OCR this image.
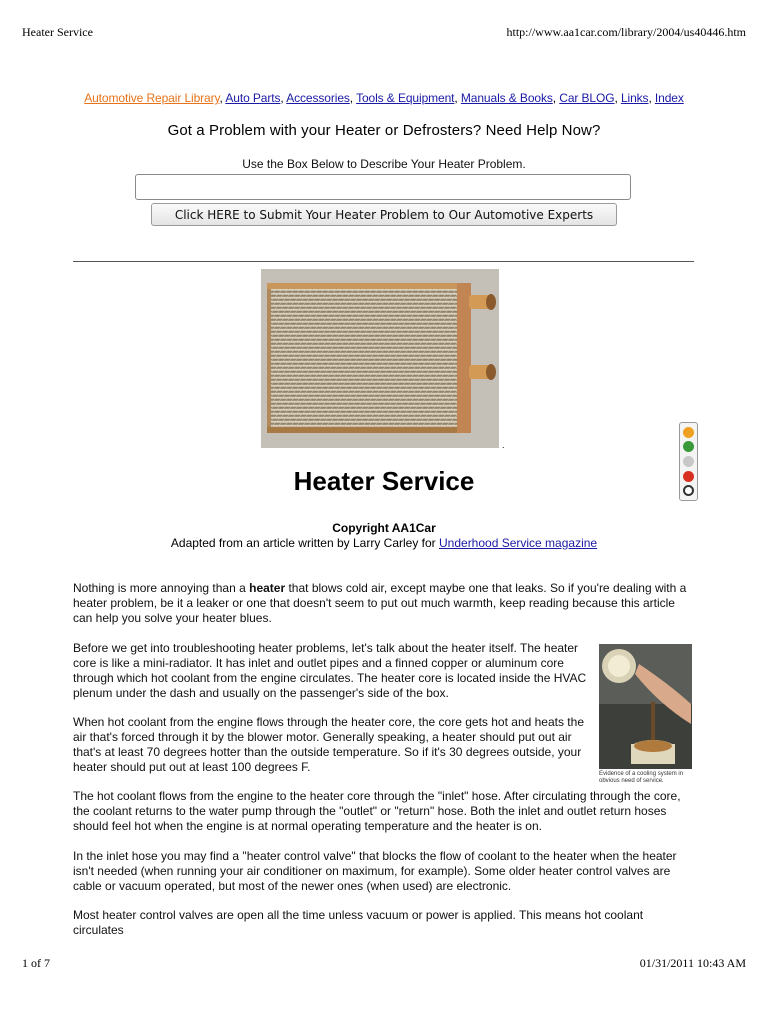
Heater Service	http://www.aa1car.com/library/2004/us40446.htm
Automotive Repair Library, Auto Parts, Accessories, Tools & Equipment, Manuals & Books, Car BLOG, Links, Index
Got a Problem with your Heater or Defrosters? Need Help Now?
Use the Box Below to Describe Your Heater Problem.
Click HERE to Submit Your Heater Problem to Our Automotive Experts
.
Heater Service
Copyright AA1Car
Adapted from an article written by Larry Carley for Underhood Service magazine

Nothing is more annoying than a heater that blows cold air, except maybe one that leaks. So if you're dealing with a heater problem, be it a leaker or one that doesn't seem to put out much warmth, keep reading because this article can help you solve your heater blues.

Before we get into troubleshooting heater problems, let's talk about the heater itself. The heater core is like a mini-radiator. It has inlet and outlet pipes and a finned copper or aluminum core through which hot coolant from the engine circulates. The heater core is located inside the HVAC plenum under the dash and usually on the passenger's side of the box.

When hot coolant from the engine flows through the heater core, the core gets hot and heats the air that's forced through it by the blower motor. Generally speaking, a heater should put out air that's at least 70 degrees hotter than the outside temperature. So if it's 30 degrees outside, your heater should put out at least 100 degrees F.

The hot coolant flows from the engine to the heater core through the "inlet" hose. After circulating through the core, the coolant returns to the water pump through the "outlet" or "return" hose. Both the inlet and outlet return hoses should feel hot when the engine is at normal operating temperature and the heater is on.

In the inlet hose you may find a "heater control valve" that blocks the flow of coolant to the heater when the heater isn't needed (when running your air conditioner on maximum, for example). Some older heater control valves are cable or vacuum operated, but most of the newer ones (when used) are electronic.

Most heater control valves are open all the time unless vacuum or power is applied. This means hot coolant circulates

Evidence of a cooling system in obvious need of service.
1 of 7	01/31/2011 10:43 AM
